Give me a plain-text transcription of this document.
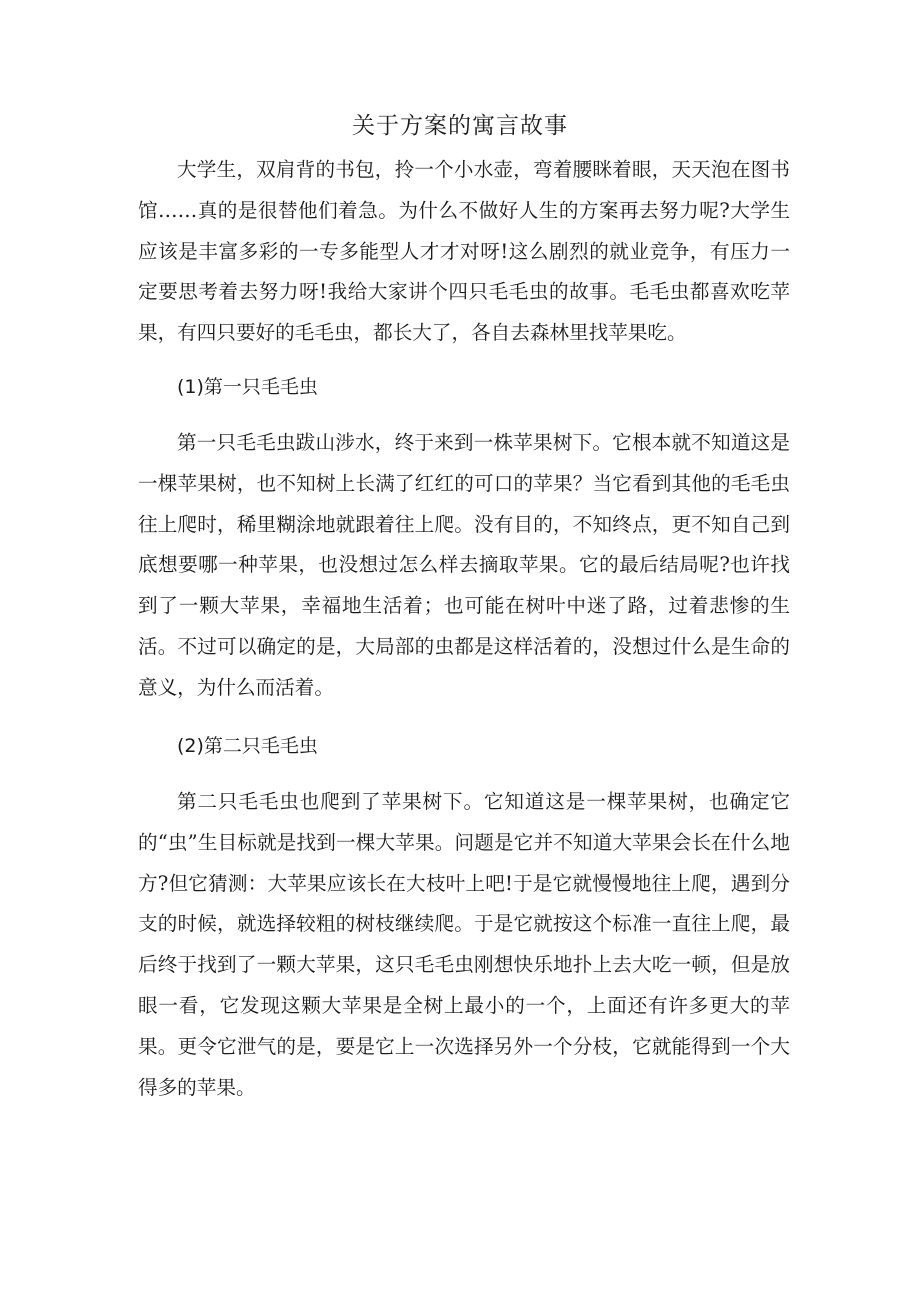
关于方案的寓言故事

大学生，双肩背的书包，拎一个小水壶，弯着腰眯着眼，天天泡在图书馆……真的是很替他们着急。为什么不做好人生的方案再去努力呢?大学生应该是丰富多彩的一专多能型人才才对呀!这么剧烈的就业竞争，有压力一定要思考着去努力呀!我给大家讲个四只毛毛虫的故事。毛毛虫都喜欢吃苹果，有四只要好的毛毛虫，都长大了，各自去森林里找苹果吃。

(1)第一只毛毛虫

第一只毛毛虫跋山涉水，终于来到一株苹果树下。它根本就不知道这是一棵苹果树，也不知树上长满了红红的可口的苹果？当它看到其他的毛毛虫往上爬时，稀里糊涂地就跟着往上爬。没有目的，不知终点，更不知自己到底想要哪一种苹果，也没想过怎么样去摘取苹果。它的最后结局呢?也许找到了一颗大苹果，幸福地生活着；也可能在树叶中迷了路，过着悲惨的生活。不过可以确定的是，大局部的虫都是这样活着的，没想过什么是生命的意义，为什么而活着。

(2)第二只毛毛虫

第二只毛毛虫也爬到了苹果树下。它知道这是一棵苹果树，也确定它的“虫”生目标就是找到一棵大苹果。问题是它并不知道大苹果会长在什么地方?但它猜测：大苹果应该长在大枝叶上吧!于是它就慢慢地往上爬，遇到分支的时候，就选择较粗的树枝继续爬。于是它就按这个标准一直往上爬，最后终于找到了一颗大苹果，这只毛毛虫刚想快乐地扑上去大吃一顿，但是放眼一看，它发现这颗大苹果是全树上最小的一个，上面还有许多更大的苹果。更令它泄气的是，要是它上一次选择另外一个分枝，它就能得到一个大得多的苹果。
